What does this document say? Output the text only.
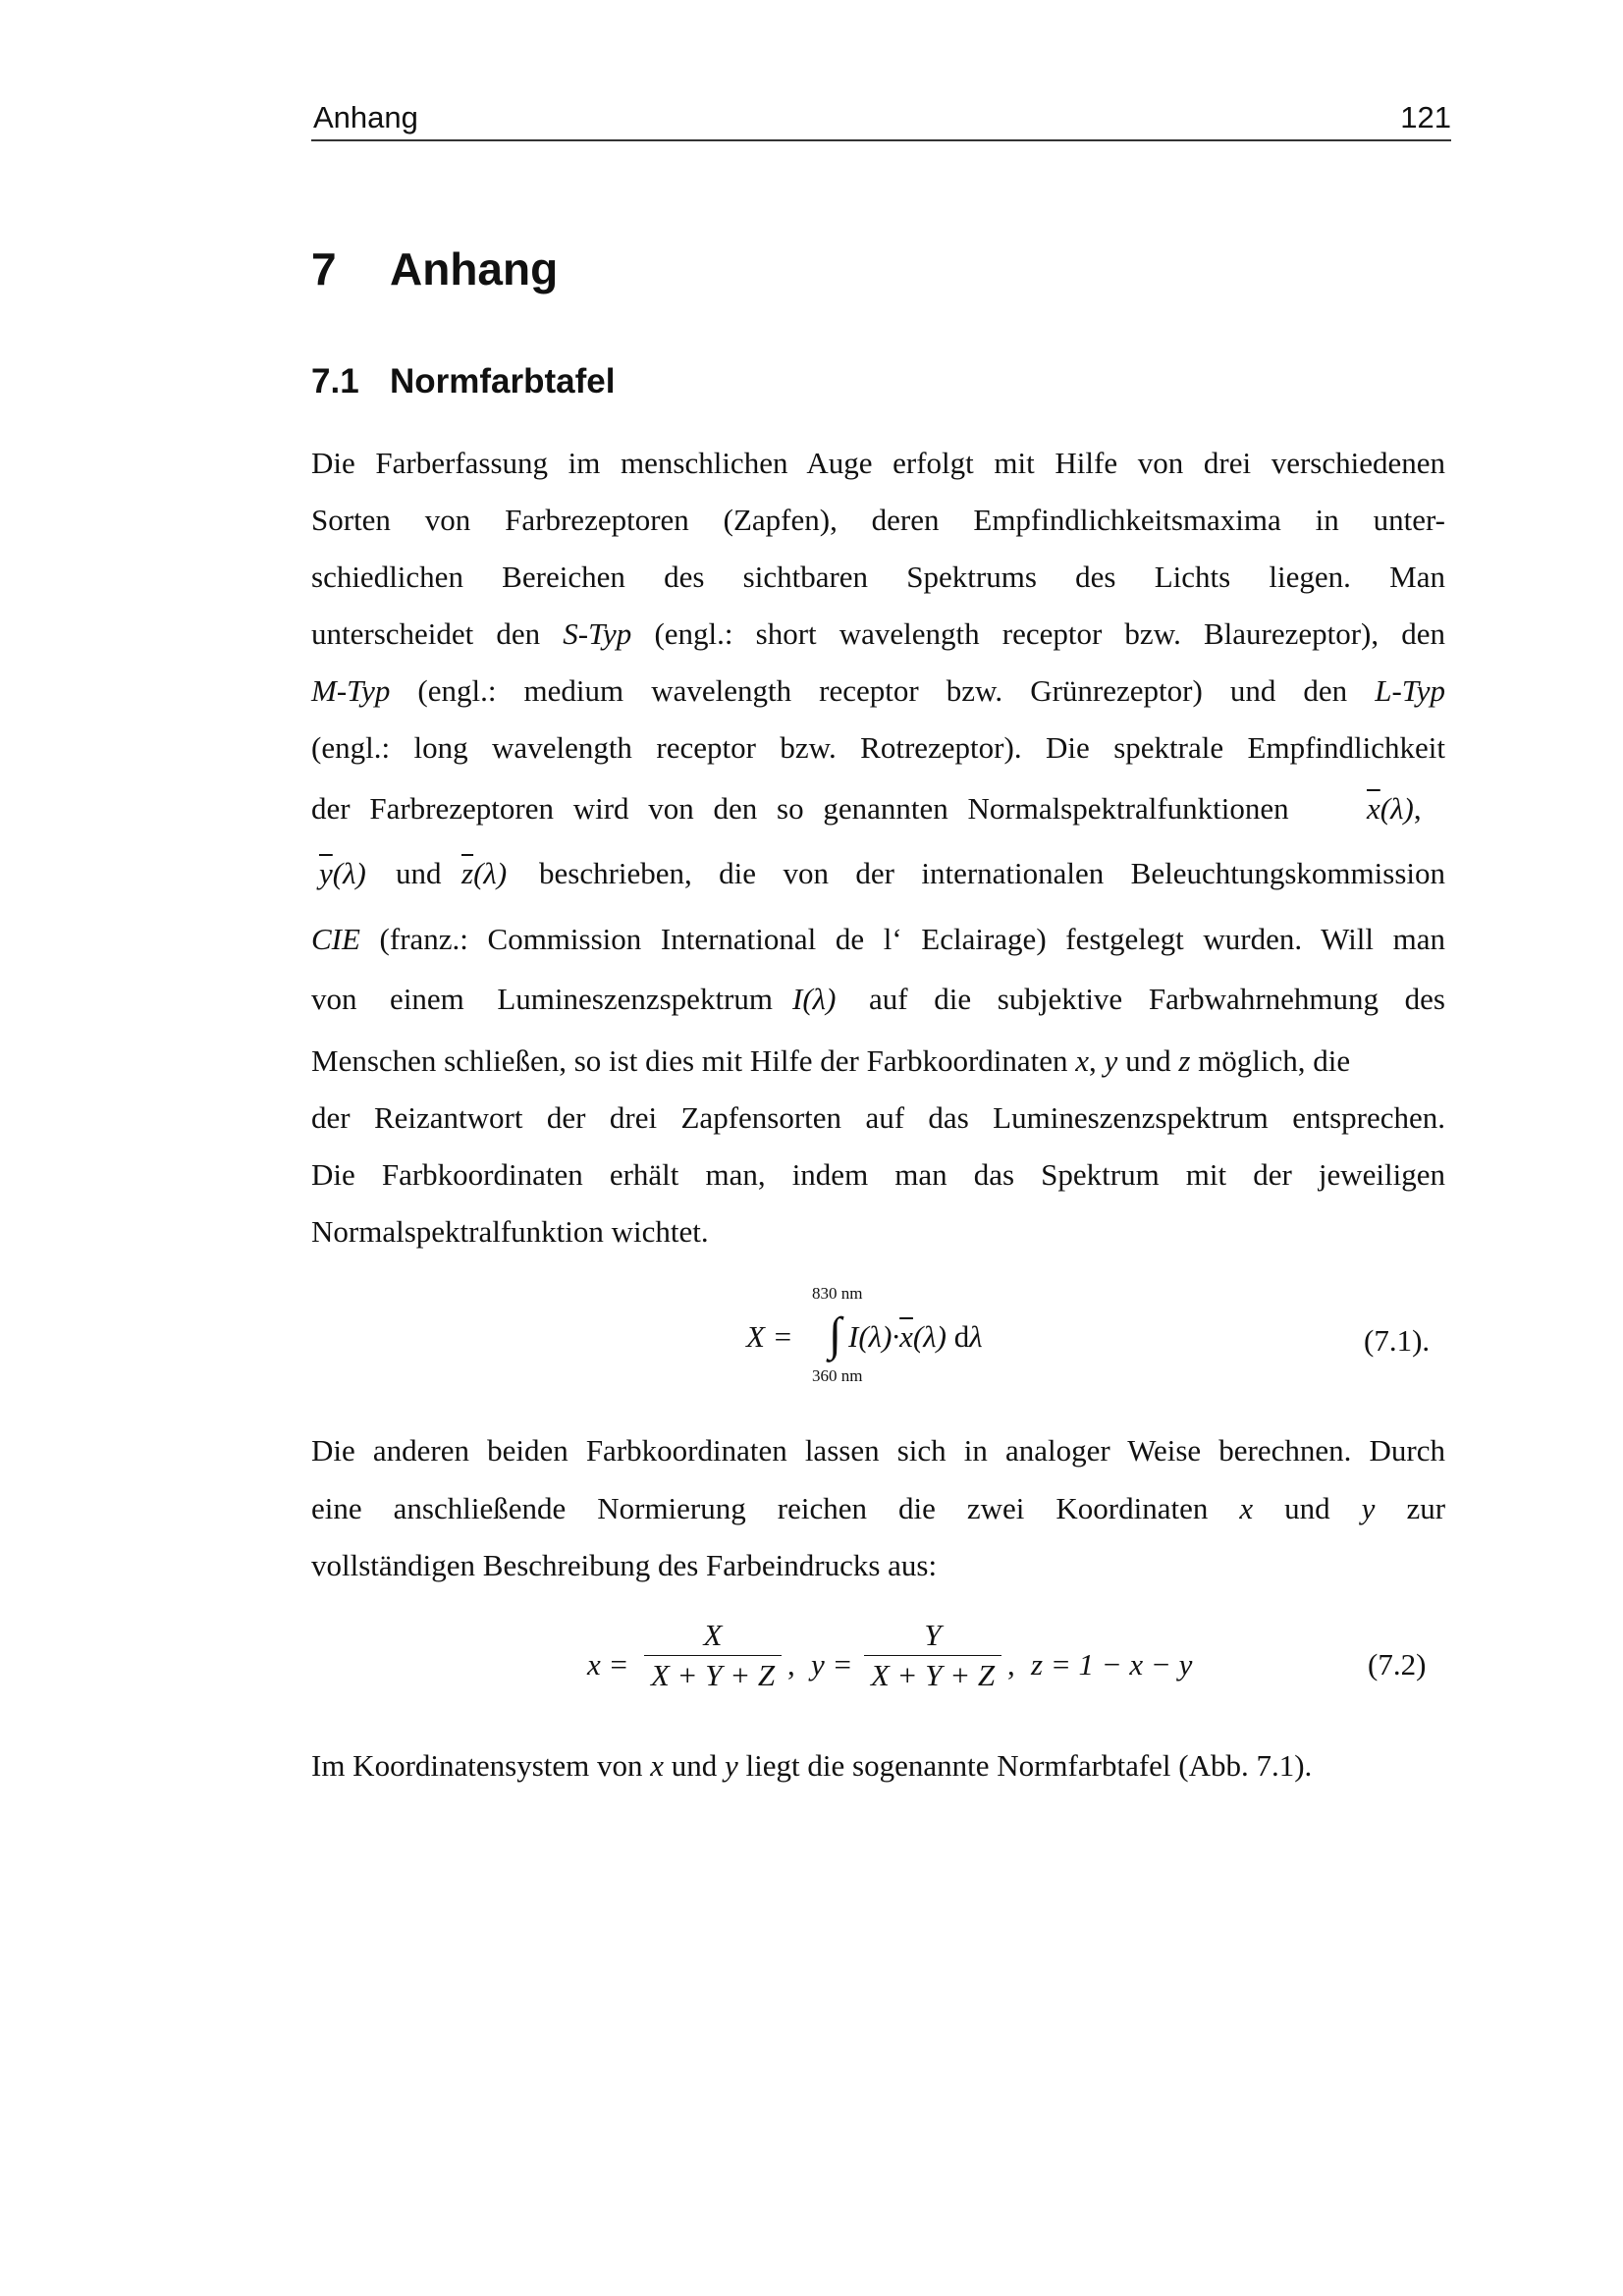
Anhang	121
7 Anhang
7.1 Normfarbtafel
Die Farberfassung im menschlichen Auge erfolgt mit Hilfe von drei verschiedenen
Sorten von Farbrezeptoren (Zapfen), deren Empfindlichkeitsmaxima in unter-
schiedlichen Bereichen des sichtbaren Spektrums des Lichts liegen. Man
unterscheidet den S-Typ (engl.: short wavelength receptor bzw. Blaurezeptor), den
M-Typ (engl.: medium wavelength receptor bzw. Grünrezeptor) und den L-Typ
(engl.: long wavelength receptor bzw. Rotrezeptor). Die spektrale Empfindlichkeit
der Farbrezeptoren wird von den so genannten Normalspektralfunktionen	$\overline{x}(\lambda)$,
$\overline{y}(\lambda)$ und $\overline{z}(\lambda)$ beschrieben, die von der internationalen Beleuchtungskommission
CIE (franz.: Commission International de l‘ Eclairage) festgelegt wurden. Will man
von einem Lumineszenzspektrum I(λ) auf die subjektive Farbwahrnehmung des
Menschen schließen, so ist dies mit Hilfe der Farbkoordinaten x, y und z möglich, die
der Reizantwort der drei Zapfensorten auf das Lumineszenzspektrum entsprechen.
Die Farbkoordinaten erhält man, indem man das Spektrum mit der jeweiligen
Normalspektralfunktion wichtet.
X =
830 nm
∫ $I(\lambda)\cdot\overline{x}(\lambda)$ dλ
360 nm
(7.1).
Die anderen beiden Farbkoordinaten lassen sich in analoger Weise berechnen. Durch
eine anschließende Normierung reichen die zwei Koordinaten x und y zur
vollständigen Beschreibung des Farbeindrucks aus:
x =
X
X + Y + Z , y =
Y
X + Y + Z , z = 1 − x − y	(7.2)
Im Koordinatensystem von x und y liegt die sogenannte Normfarbtafel (Abb. 7.1).
